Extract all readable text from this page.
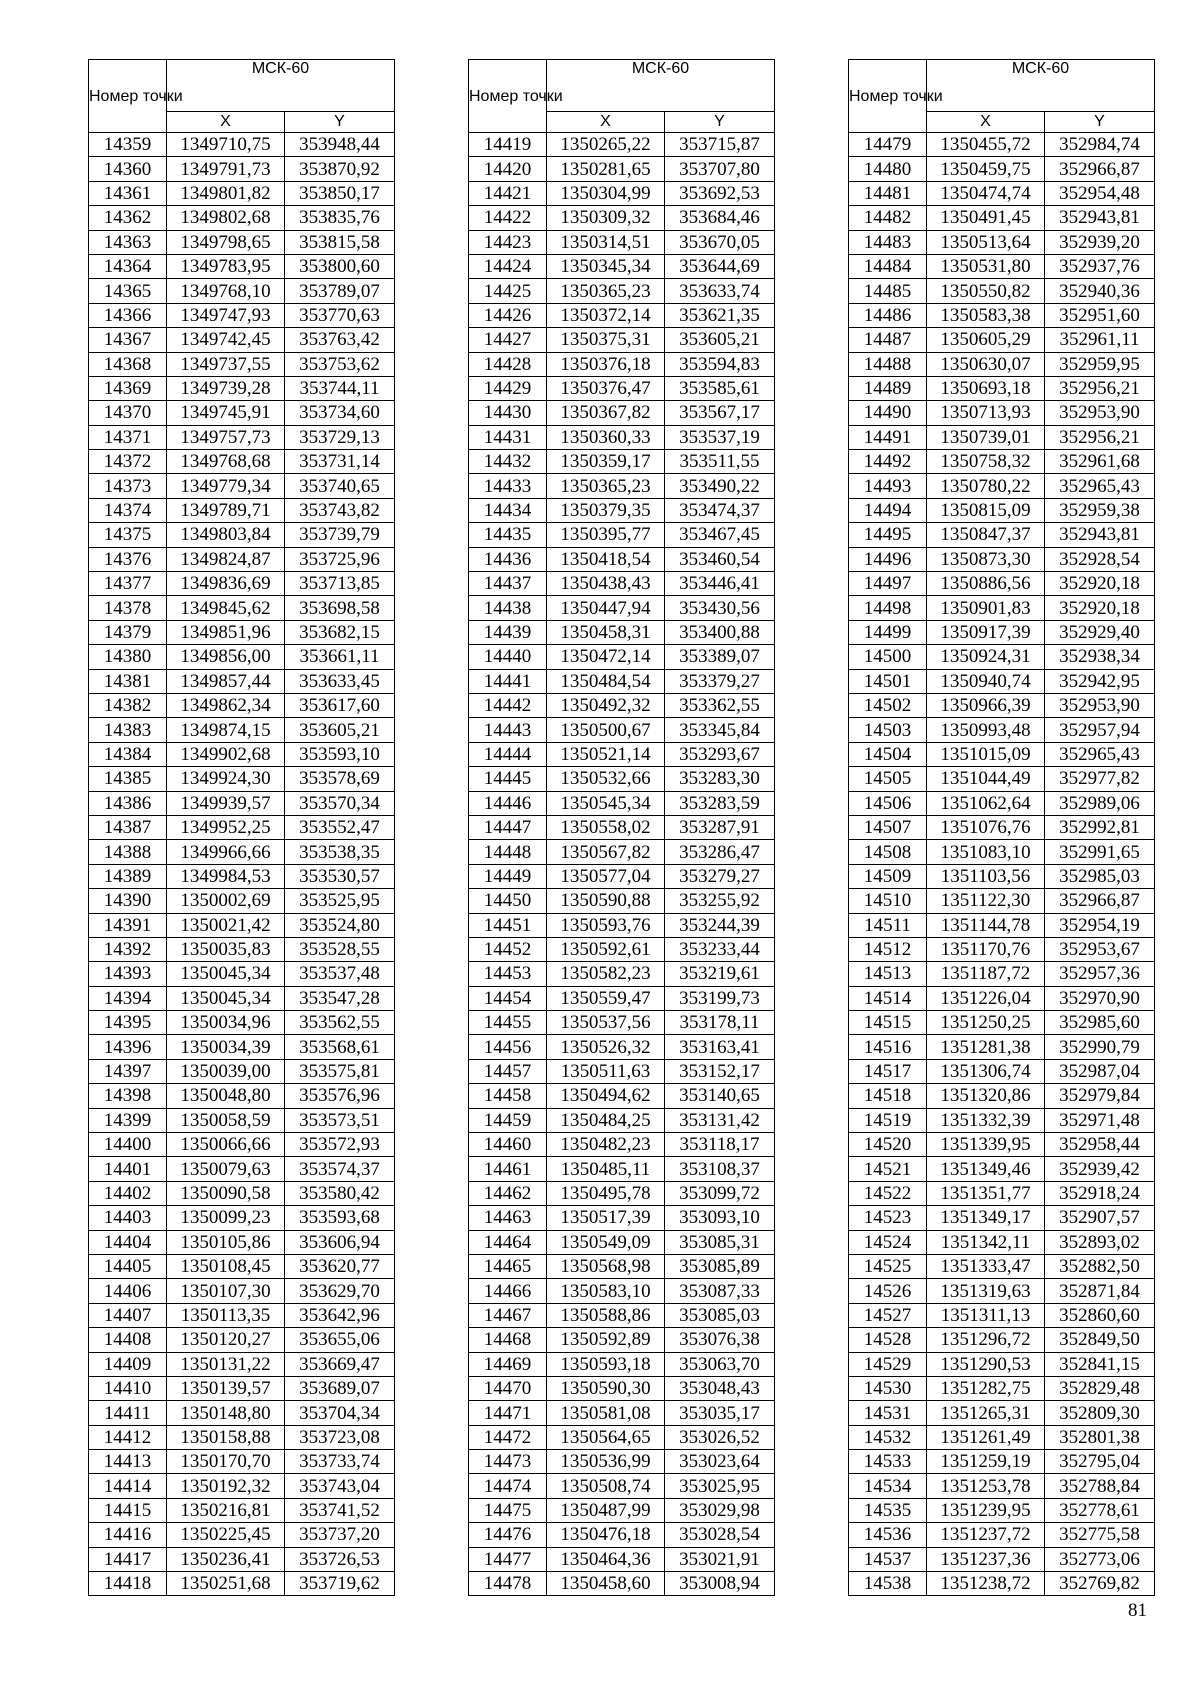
Номер точки	МСК-60	
	X	Y
14359	1349710,75	353948,44
14360	1349791,73	353870,92
14361	1349801,82	353850,17
14362	1349802,68	353835,76
14363	1349798,65	353815,58
14364	1349783,95	353800,60
14365	1349768,10	353789,07
14366	1349747,93	353770,63
14367	1349742,45	353763,42
14368	1349737,55	353753,62
14369	1349739,28	353744,11
14370	1349745,91	353734,60
14371	1349757,73	353729,13
14372	1349768,68	353731,14
14373	1349779,34	353740,65
14374	1349789,71	353743,82
14375	1349803,84	353739,79
14376	1349824,87	353725,96
14377	1349836,69	353713,85
14378	1349845,62	353698,58
14379	1349851,96	353682,15
14380	1349856,00	353661,11
14381	1349857,44	353633,45
14382	1349862,34	353617,60
14383	1349874,15	353605,21
14384	1349902,68	353593,10
14385	1349924,30	353578,69
14386	1349939,57	353570,34
14387	1349952,25	353552,47
14388	1349966,66	353538,35
14389	1349984,53	353530,57
14390	1350002,69	353525,95
14391	1350021,42	353524,80
14392	1350035,83	353528,55
14393	1350045,34	353537,48
14394	1350045,34	353547,28
14395	1350034,96	353562,55
14396	1350034,39	353568,61
14397	1350039,00	353575,81
14398	1350048,80	353576,96
14399	1350058,59	353573,51
14400	1350066,66	353572,93
14401	1350079,63	353574,37
14402	1350090,58	353580,42
14403	1350099,23	353593,68
14404	1350105,86	353606,94
14405	1350108,45	353620,77
14406	1350107,30	353629,70
14407	1350113,35	353642,96
14408	1350120,27	353655,06
14409	1350131,22	353669,47
14410	1350139,57	353689,07
14411	1350148,80	353704,34
14412	1350158,88	353723,08
14413	1350170,70	353733,74
14414	1350192,32	353743,04
14415	1350216,81	353741,52
14416	1350225,45	353737,20
14417	1350236,41	353726,53
14418	1350251,68	353719,62
Номер точки	МСК-60	
	X	Y
14419	1350265,22	353715,87
14420	1350281,65	353707,80
14421	1350304,99	353692,53
14422	1350309,32	353684,46
14423	1350314,51	353670,05
14424	1350345,34	353644,69
14425	1350365,23	353633,74
14426	1350372,14	353621,35
14427	1350375,31	353605,21
14428	1350376,18	353594,83
14429	1350376,47	353585,61
14430	1350367,82	353567,17
14431	1350360,33	353537,19
14432	1350359,17	353511,55
14433	1350365,23	353490,22
14434	1350379,35	353474,37
14435	1350395,77	353467,45
14436	1350418,54	353460,54
14437	1350438,43	353446,41
14438	1350447,94	353430,56
14439	1350458,31	353400,88
14440	1350472,14	353389,07
14441	1350484,54	353379,27
14442	1350492,32	353362,55
14443	1350500,67	353345,84
14444	1350521,14	353293,67
14445	1350532,66	353283,30
14446	1350545,34	353283,59
14447	1350558,02	353287,91
14448	1350567,82	353286,47
14449	1350577,04	353279,27
14450	1350590,88	353255,92
14451	1350593,76	353244,39
14452	1350592,61	353233,44
14453	1350582,23	353219,61
14454	1350559,47	353199,73
14455	1350537,56	353178,11
14456	1350526,32	353163,41
14457	1350511,63	353152,17
14458	1350494,62	353140,65
14459	1350484,25	353131,42
14460	1350482,23	353118,17
14461	1350485,11	353108,37
14462	1350495,78	353099,72
14463	1350517,39	353093,10
14464	1350549,09	353085,31
14465	1350568,98	353085,89
14466	1350583,10	353087,33
14467	1350588,86	353085,03
14468	1350592,89	353076,38
14469	1350593,18	353063,70
14470	1350590,30	353048,43
14471	1350581,08	353035,17
14472	1350564,65	353026,52
14473	1350536,99	353023,64
14474	1350508,74	353025,95
14475	1350487,99	353029,98
14476	1350476,18	353028,54
14477	1350464,36	353021,91
14478	1350458,60	353008,94
Номер точки	МСК-60	
	X	Y
14479	1350455,72	352984,74
14480	1350459,75	352966,87
14481	1350474,74	352954,48
14482	1350491,45	352943,81
14483	1350513,64	352939,20
14484	1350531,80	352937,76
14485	1350550,82	352940,36
14486	1350583,38	352951,60
14487	1350605,29	352961,11
14488	1350630,07	352959,95
14489	1350693,18	352956,21
14490	1350713,93	352953,90
14491	1350739,01	352956,21
14492	1350758,32	352961,68
14493	1350780,22	352965,43
14494	1350815,09	352959,38
14495	1350847,37	352943,81
14496	1350873,30	352928,54
14497	1350886,56	352920,18
14498	1350901,83	352920,18
14499	1350917,39	352929,40
14500	1350924,31	352938,34
14501	1350940,74	352942,95
14502	1350966,39	352953,90
14503	1350993,48	352957,94
14504	1351015,09	352965,43
14505	1351044,49	352977,82
14506	1351062,64	352989,06
14507	1351076,76	352992,81
14508	1351083,10	352991,65
14509	1351103,56	352985,03
14510	1351122,30	352966,87
14511	1351144,78	352954,19
14512	1351170,76	352953,67
14513	1351187,72	352957,36
14514	1351226,04	352970,90
14515	1351250,25	352985,60
14516	1351281,38	352990,79
14517	1351306,74	352987,04
14518	1351320,86	352979,84
14519	1351332,39	352971,48
14520	1351339,95	352958,44
14521	1351349,46	352939,42
14522	1351351,77	352918,24
14523	1351349,17	352907,57
14524	1351342,11	352893,02
14525	1351333,47	352882,50
14526	1351319,63	352871,84
14527	1351311,13	352860,60
14528	1351296,72	352849,50
14529	1351290,53	352841,15
14530	1351282,75	352829,48
14531	1351265,31	352809,30
14532	1351261,49	352801,38
14533	1351259,19	352795,04
14534	1351253,78	352788,84
14535	1351239,95	352778,61
14536	1351237,72	352775,58
14537	1351237,36	352773,06
14538	1351238,72	352769,82
81
